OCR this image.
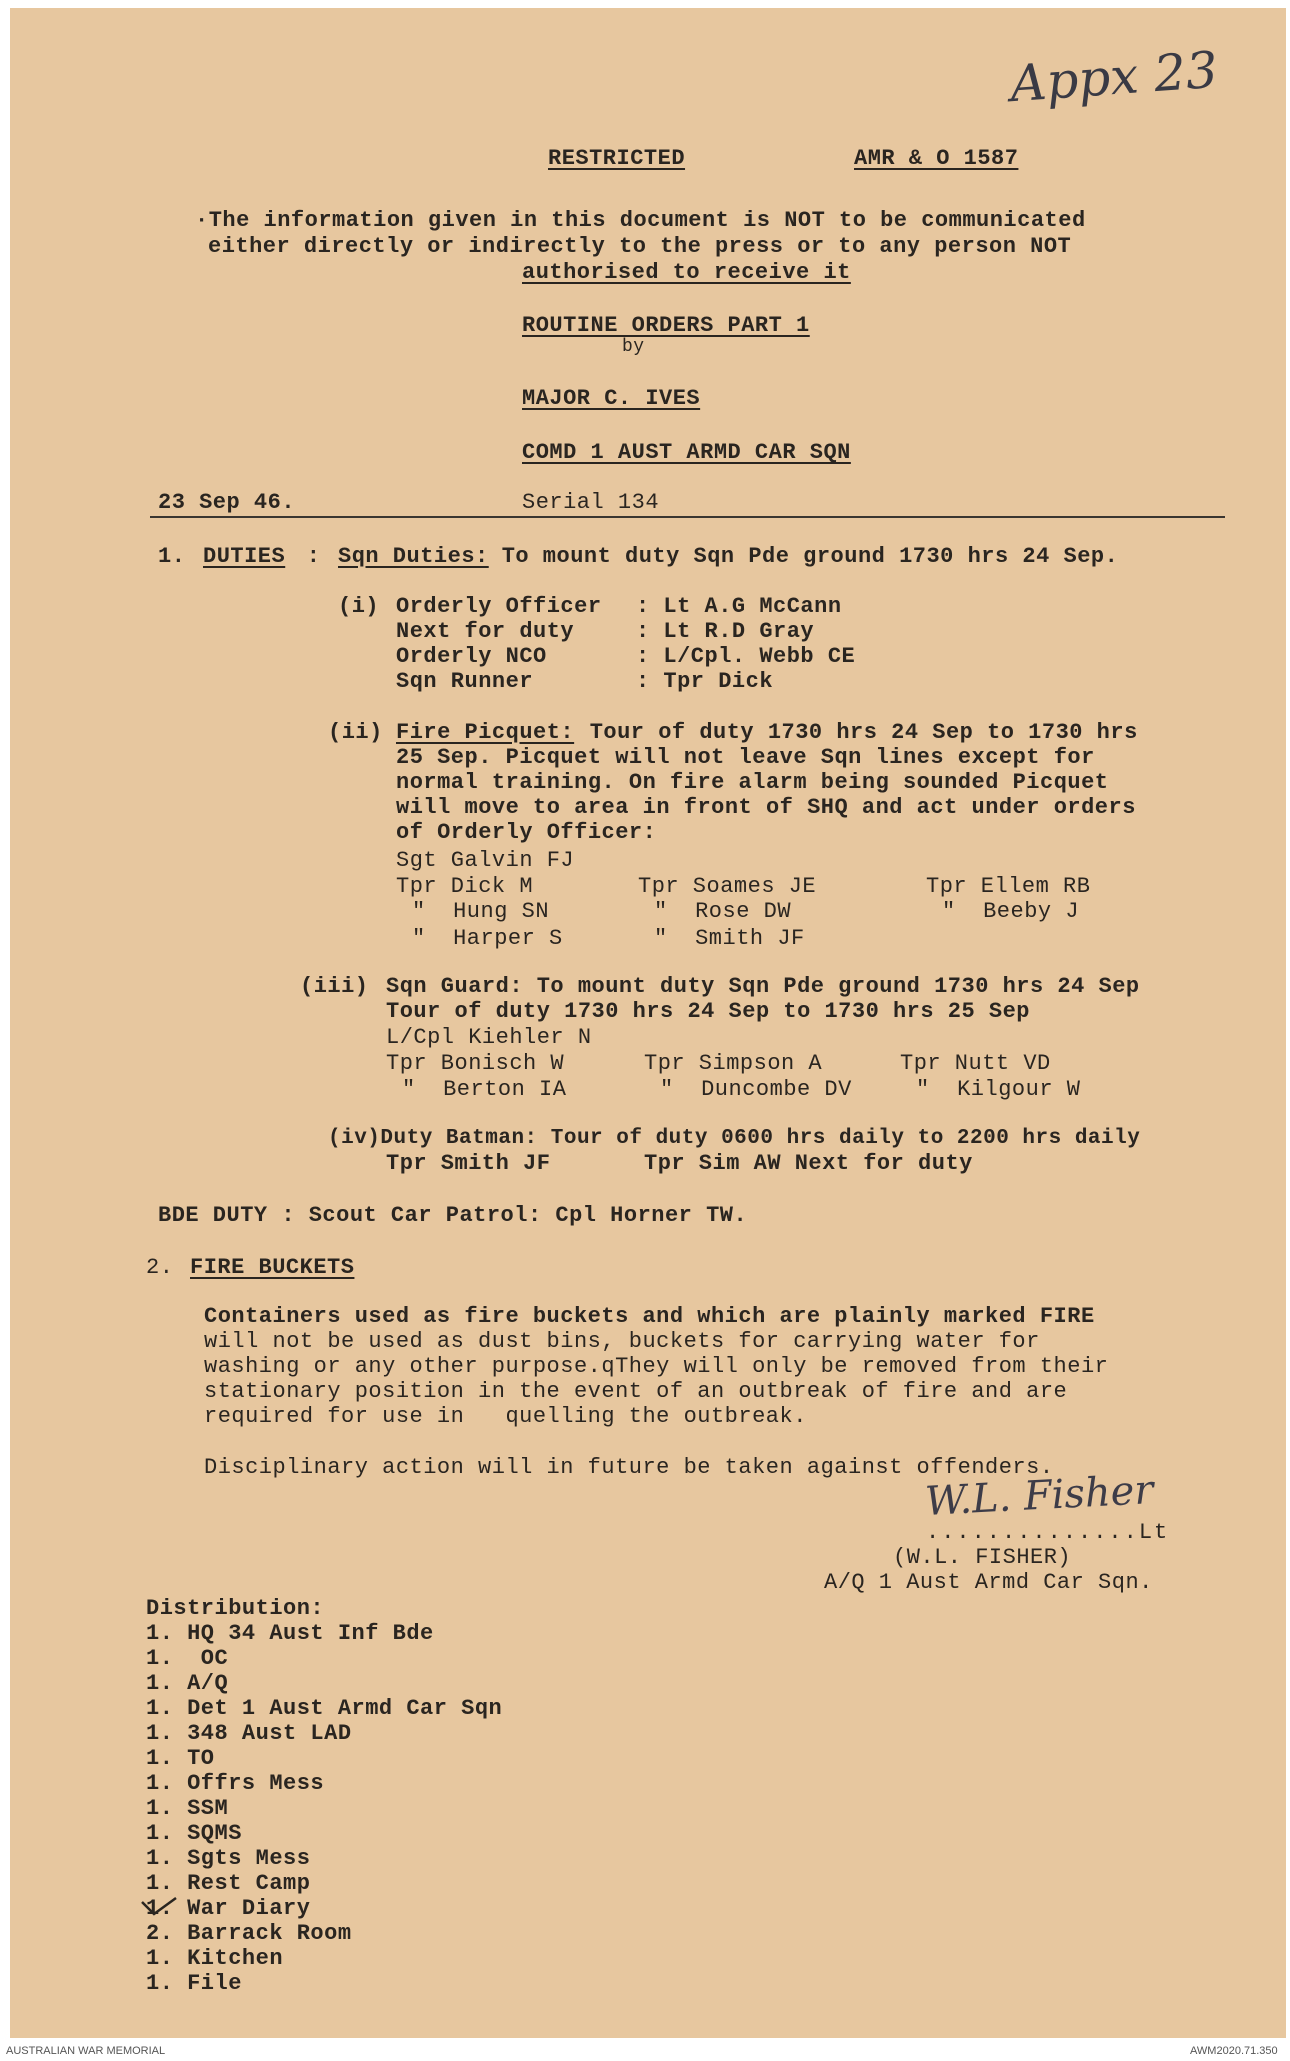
Appx 23
RESTRICTED	AMR & O 1587
·The information given in this document is NOT to be communicated
either directly or indirectly to the press or to any person NOT
authorised to receive it
ROUTINE ORDERS PART 1
by
MAJOR C. IVES
COMD 1 AUST ARMD CAR SQN
23 Sep 46.	Serial 134
1. DUTIES : Sqn Duties: To mount duty Sqn Pde ground 1730 hrs 24 Sep.
(i) Orderly Officer : Lt A.G McCann
Next for duty	: Lt R.D Gray
Orderly NCO	: L/Cpl. Webb CE
Sqn Runner	: Tpr Dick
(ii) Fire Picquet: Tour of duty 1730 hrs 24 Sep to 1730 hrs
25 Sep. Picquet will not leave Sqn lines except for
normal training. On fire alarm being sounded Picquet
will move to area in front of SHQ and act under orders
of Orderly Officer:
Sgt Galvin FJ
Tpr Dick M	Tpr Soames JE	Tpr Ellem RB
"  Hung SN	"  Rose DW	"  Beeby J
"  Harper S	"  Smith JF
(iii) Sqn Guard: To mount duty Sqn Pde ground 1730 hrs 24 Sep
Tour of duty 1730 hrs 24 Sep to 1730 hrs 25 Sep
L/Cpl Kiehler N
Tpr Bonisch W	Tpr Simpson A	Tpr Nutt VD
"  Berton IA	"  Duncombe DV	"  Kilgour W
(iv)Duty Batman: Tour of duty 0600 hrs daily to 2200 hrs daily
Tpr Smith JF	Tpr Sim AW Next for duty
BDE DUTY : Scout Car Patrol: Cpl Horner TW.
2. FIRE BUCKETS
Containers used as fire buckets and which are plainly marked FIRE
will not be used as dust bins, buckets for carrying water for
washing or any other purpose.qThey will only be removed from their
stationary position in the event of an outbreak of fire and are
required for use in   quelling the outbreak.
Disciplinary action will in future be taken against offenders.
W.L. Fisher
..............Lt
(W.L. FISHER)
A/Q 1 Aust Armd Car Sqn.
Distribution:
1. HQ 34 Aust Inf Bde
1.  OC
1. A/Q
1. Det 1 Aust Armd Car Sqn
1. 348 Aust LAD
1. TO
1. Offrs Mess
1. SSM
1. SQMS
1. Sgts Mess
1. Rest Camp
1. War Diary
2. Barrack Room
1. Kitchen
1. File
AUSTRALIAN WAR MEMORIAL	AWM2020.71.350
